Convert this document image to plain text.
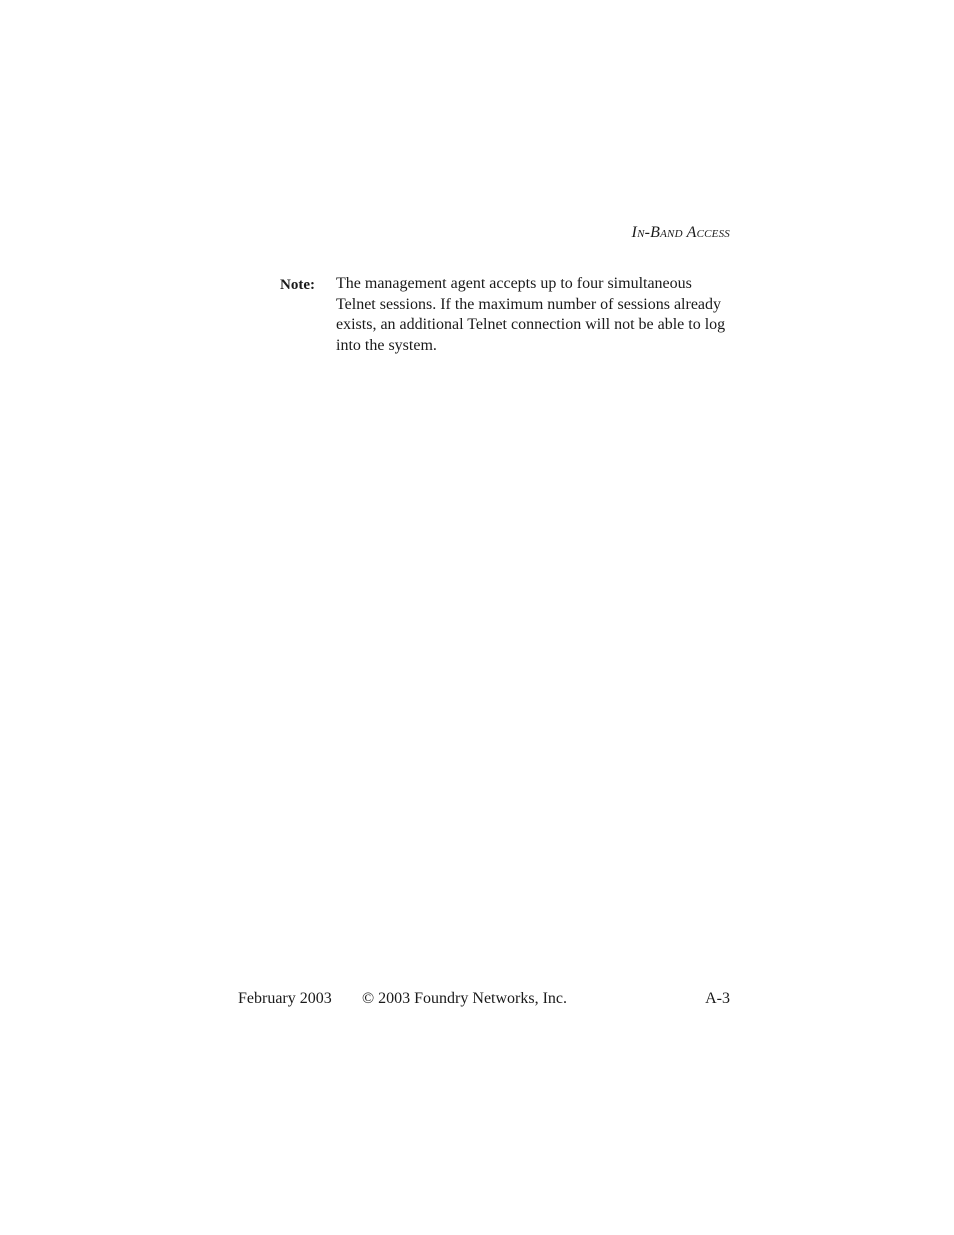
In-Band Access
Note:	The management agent accepts up to four simultaneous Telnet sessions. If the maximum number of sessions already exists, an additional Telnet connection will not be able to log into the system.
February 2003 © 2003 Foundry Networks, Inc.	A-3
